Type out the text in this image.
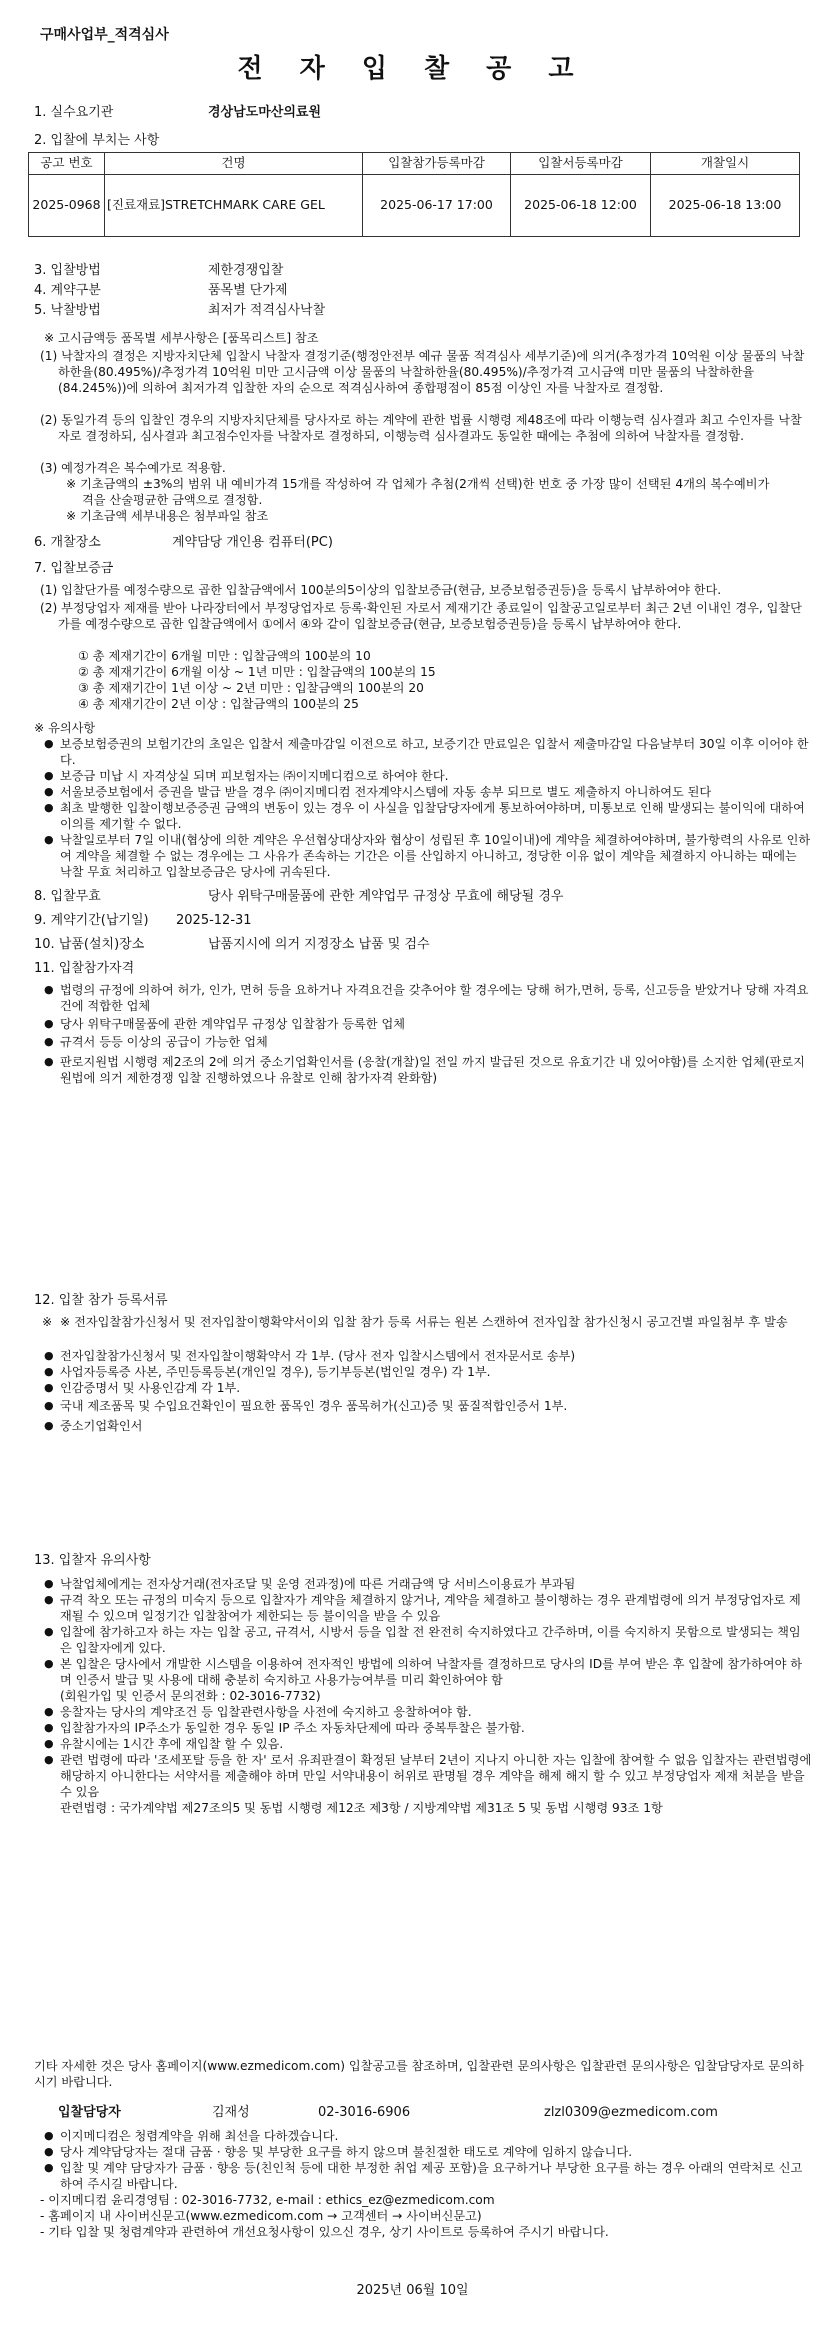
구매사업부_적격심사
전 자 입 찰 공 고
1. 실수요기관	경상남도마산의료원
2. 입찰에 부치는 사항
공고 번호	건명	입찰참가등록마감	입찰서등록마감	개찰일시
2025-0968	[진료재료]STRETCHMARK CARE GEL	2025-06-17 17:00	2025-06-18 12:00	2025-06-18 13:00
3. 입찰방법	제한경쟁입찰
4. 계약구분	품목별 단가제
5. 낙찰방법	최저가 적격심사낙찰
※ 고시금액등 품목별 세부사항은 [품목리스트] 참조
(1) 낙찰자의 결정은 지방자치단체 입찰시 낙찰자 결정기준(행정안전부 예규 물품 적격심사 세부기준)에 의거(추정가격 10억원 이상 물품의 낙찰하한율(80.495%)/추정가격 10억원 미만 고시금액 이상 물품의 낙찰하한율(80.495%)/추정가격 고시금액 미만 물품의 낙찰하한율(84.245%))에 의하여 최저가격 입찰한 자의 순으로 적격심사하여 종합평점이 85점 이상인 자를 낙찰자로 결정함.
(2) 동일가격 등의 입찰인 경우의 지방자치단체를 당사자로 하는 계약에 관한 법률 시행령 제48조에 따라 이행능력 심사결과 최고 수인자를 낙찰자로 결정하되, 심사결과 최고점수인자를 낙찰자로 결정하되, 이행능력 심사결과도 동일한 때에는 추첨에 의하여 낙찰자를 결정함.
(3) 예정가격은 복수예가로 적용함.
※ 기초금액의 ±3%의 범위 내 예비가격 15개를 작성하여 각 업체가 추첨(2개씩 선택)한 번호 중 가장 많이 선택된 4개의 복수예비가격을 산술평균한 금액으로 결정함.
※ 기초금액 세부내용은 첨부파일 참조
6. 개찰장소	계약담당 개인용 컴퓨터(PC)
7. 입찰보증금
(1) 입찰단가를 예정수량으로 곱한 입찰금액에서 100분의5이상의 입찰보증금(현금, 보증보험증권등)을 등록시 납부하여야 한다.
(2) 부정당업자 제재를 받아 나라장터에서 부정당업자로 등록·확인된 자로서 제재기간 종료일이 입찰공고일로부터 최근 2년 이내인 경우, 입찰단가를 예정수량으로 곱한 입찰금액에서 ①에서 ④와 같이 입찰보증금(현금, 보증보험증권등)을 등록시 납부하여야 한다.
① 총 제재기간이 6개월 미만 : 입찰금액의 100분의 10
② 총 제재기간이 6개월 이상 ~ 1년 미만 : 입찰금액의 100분의 15
③ 총 제재기간이 1년 이상 ~ 2년 미만 : 입찰금액의 100분의 20
④ 총 제재기간이 2년 이상 : 입찰금액의 100분의 25
※ 유의사항
● 보증보험증권의 보험기간의 초일은 입찰서 제출마감일 이전으로 하고, 보증기간 만료일은 입찰서 제출마감일 다음날부터 30일 이후 이어야 한다.
● 보증금 미납 시 자격상실 되며 피보험자는 ㈜이지메디컴으로 하여야 한다.
● 서울보증보험에서 증권을 발급 받을 경우 ㈜이지메디컴 전자계약시스템에 자동 송부 되므로 별도 제출하지 아니하여도 된다
● 최초 발행한 입찰이행보증증권 금액의 변동이 있는 경우 이 사실을 입찰담당자에게 통보하여야하며, 미통보로 인해 발생되는 불이익에 대하여 이의를 제기할 수 없다.
● 낙찰일로부터 7일 이내(협상에 의한 계약은 우선협상대상자와 협상이 성립된 후 10일이내)에 계약을 체결하여야하며, 불가항력의 사유로 인하여 계약을 체결할 수 없는 경우에는 그 사유가 존속하는 기간은 이를 산입하지 아니하고, 정당한 이유 없이 계약을 체결하지 아니하는 때에는 낙찰 무효 처리하고 입찰보증금은 당사에 귀속된다.
8. 입찰무효	당사 위탁구매물품에 관한 계약업무 규정상 무효에 해당될 경우
9. 계약기간(납기일)	2025-12-31
10. 납품(설치)장소	납품지시에 의거 지정장소 납품 및 검수
11. 입찰참가자격
● 법령의 규정에 의하여 허가, 인가, 면허 등을 요하거나 자격요건을 갖추어야 할 경우에는 당해 허가,면허, 등록, 신고등을 받았거나 당해 자격요건에 적합한 업체
● 당사 위탁구매물품에 관한 계약업무 규정상 입찰참가 등록한 업체
● 규격서 등등 이상의 공급이 가능한 업체
● 판로지원법 시행령 제2조의 2에 의거 중소기업확인서를 (응찰(개찰)일 전일 까지 발급된 것으로 유효기간 내 있어야함)를 소지한 업체(판로지원법에 의거 제한경쟁 입찰 진행하였으나 유찰로 인해 참가자격 완화함)
12. 입찰 참가 등록서류
※ ※ 전자입찰참가신청서 및 전자입찰이행확약서이외 입찰 참가 등록 서류는 원본 스캔하여 전자입찰 참가신청시 공고건별 파일첨부 후 발송
● 전자입찰참가신청서 및 전자입찰이행확약서 각 1부. (당사 전자 입찰시스템에서 전자문서로 송부)
● 사업자등록증 사본, 주민등록등본(개인일 경우), 등기부등본(법인일 경우) 각 1부.
● 인감증명서 및 사용인감계 각 1부.
● 국내 제조품목 및 수입요건확인이 필요한 품목인 경우 품목허가(신고)증 및 품질적합인증서 1부.
● 중소기업확인서
13. 입찰자 유의사항
● 낙찰업체에게는 전자상거래(전자조달 및 운영 전과정)에 따른 거래금액 당 서비스이용료가 부과됨
● 규격 착오 또는 규정의 미숙지 등으로 입찰자가 계약을 체결하지 않거나, 계약을 체결하고 불이행하는 경우 관계법령에 의거 부정당업자로 제재될 수 있으며 일정기간 입찰참여가 제한되는 등 불이익을 받을 수 있음
● 입찰에 참가하고자 하는 자는 입찰 공고, 규격서, 시방서 등을 입찰 전 완전히 숙지하였다고 간주하며, 이를 숙지하지 못함으로 발생되는 책임은 입찰자에게 있다.
● 본 입찰은 당사에서 개발한 시스템을 이용하여 전자적인 방법에 의하여 낙찰자를 결정하므로 당사의 ID를 부여 받은 후 입찰에 참가하여야 하며 인증서 발급 및 사용에 대해 충분히 숙지하고 사용가능여부를 미리 확인하여야 함
(회원가입 및 인증서 문의전화 : 02-3016-7732)
● 응찰자는 당사의 계약조건 등 입찰관련사항을 사전에 숙지하고 응찰하여야 함.
● 입찰참가자의 IP주소가 동일한 경우 동일 IP 주소 자동차단제에 따라 중복투찰은 불가함.
● 유찰시에는 1시간 후에 재입찰 할 수 있음.
● 관련 법령에 따라 '조세포탈 등을 한 자' 로서 유죄판결이 확정된 날부터 2년이 지나지 아니한 자는 입찰에 참여할 수 없음 입찰자는 관련법령에 해당하지 아니한다는 서약서를 제출해야 하며 만일 서약내용이 허위로 판명될 경우 계약을 해제 해지 할 수 있고 부정당업자 제재 처분을 받을 수 있음
관련법령 : 국가계약법 제27조의5 및 동법 시행령 제12조 제3항 / 지방계약법 제31조 5 및 동법 시행령 93조 1항
기타 자세한 것은 당사 홈페이지(www.ezmedicom.com) 입찰공고를 참조하며, 입찰관련 문의사항은 입찰관련 문의사항은 입찰담당자로 문의하시기 바랍니다.
입찰담당자	김재성	02-3016-6906	zlzl0309@ezmedicom.com
● 이지메디컴은 청렴계약을 위해 최선을 다하겠습니다.
● 당사 계약담당자는 절대 금품 · 향응 및 부당한 요구를 하지 않으며 불친절한 태도로 계약에 임하지 않습니다.
● 입찰 및 계약 담당자가 금품 · 향응 등(친인척 등에 대한 부정한 취업 제공 포함)을 요구하거나 부당한 요구를 하는 경우 아래의 연락처로 신고하여 주시길 바랍니다.
- 이지메디컴 윤리경영팀 : 02-3016-7732, e-mail : ethics_ez@ezmedicom.com
- 홈페이지 내 사이버신문고(www.ezmedicom.com → 고객센터 → 사이버신문고)
- 기타 입찰 및 청렴계약과 관련하여 개선요청사항이 있으신 경우, 상기 사이트로 등록하여 주시기 바랍니다.
2025년 06월 10일
